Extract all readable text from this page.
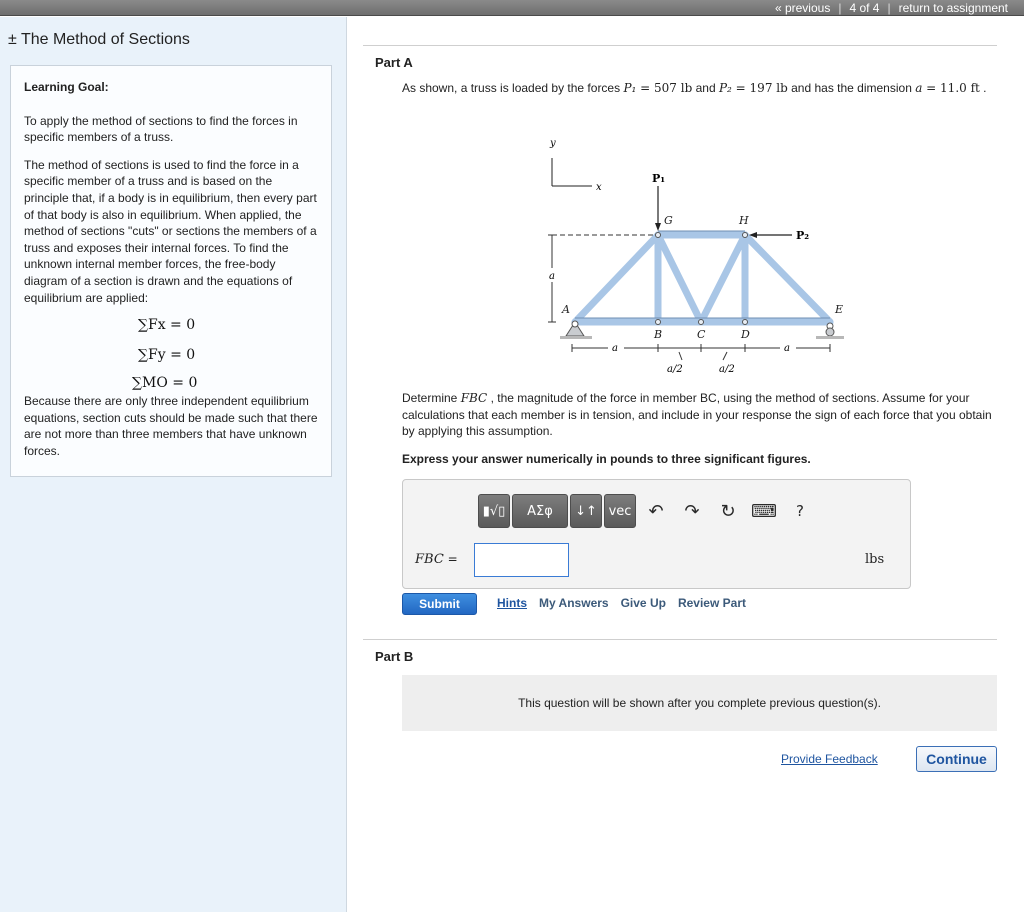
« previous | 4 of 4 | return to assignment
± The Method of Sections
Learning Goal:
To apply the method of sections to find the forces in specific members of a truss.
The method of sections is used to find the force in a specific member of a truss and is based on the principle that, if a body is in equilibrium, then every part of that body is also in equilibrium. When applied, the method of sections "cuts" or sections the members of a truss and exposes their internal forces. To find the unknown internal member forces, the free-body diagram of a section is drawn and the equations of equilibrium are applied:
∑Fx = 0
∑Fy = 0
∑MO = 0
Because there are only three independent equilibrium equations, section cuts should be made such that there are not more than three members that have unknown forces.
Part A
As shown, a truss is loaded by the forces P₁ = 507 lb and P₂ = 197 lb and has the dimension a = 11.0 ft .
y
x
P₁
P₂
G	H
A
B	C	D
E
a
a	a
a/2	a/2
Determine FBC , the magnitude of the force in member BC, using the method of sections. Assume for your calculations that each member is in tension, and include in your response the sign of each force that you obtain by applying this assumption.
Express your answer numerically in pounds to three significant figures.
▮√▯	ΑΣφ	↓↑ vec ↶	↷	↻ ⌨	?
FBC =	lbs
Submit	Hints My Answers Give Up Review Part
Part B
This question will be shown after you complete previous question(s).
Provide Feedback	Continue
